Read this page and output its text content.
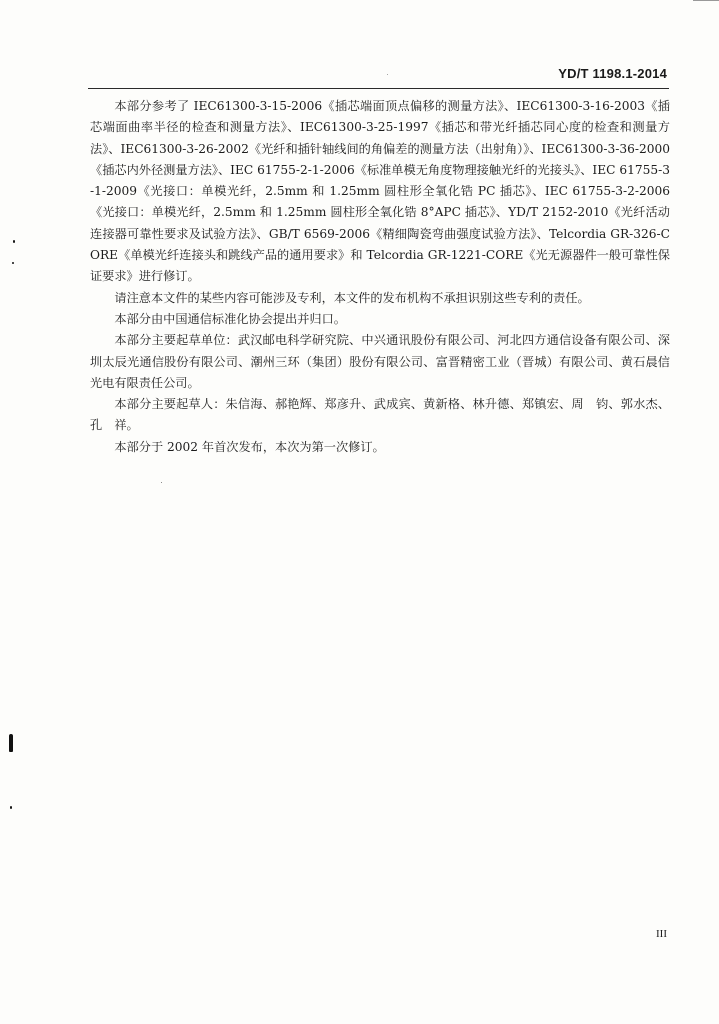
YD/T 1198.1-2014

本部分参考了 IEC61300-3-15-2006《插芯端面顶点偏移的测量方法》、IEC61300-3-16-2003《插芯端面曲率半径的检查和测量方法》、IEC61300-3-25-1997《插芯和带光纤插芯同心度的检查和测量方法》、IEC61300-3-26-2002《光纤和插针轴线间的角偏差的测量方法（出射角）》、IEC61300-3-36-2000《插芯内外径测量方法》、IEC 61755-2-1-2006《标准单模无角度物理接触光纤的光接头》、IEC 61755-3-1-2009《光接口：单模光纤，2.5mm 和 1.25mm 圆柱形全氧化锆 PC 插芯》、IEC 61755-3-2-2006《光接口：单模光纤，2.5mm 和 1.25mm 圆柱形全氧化锆 8°APC 插芯》、YD/T 2152-2010《光纤活动连接器可靠性要求及试验方法》、GB/T 6569-2006《精细陶瓷弯曲强度试验方法》、Telcordia GR-326-CORE《单模光纤连接头和跳线产品的通用要求》和 Telcordia GR-1221-CORE《光无源器件一般可靠性保证要求》进行修订。

请注意本文件的某些内容可能涉及专利，本文件的发布机构不承担识别这些专利的责任。

本部分由中国通信标准化协会提出并归口。

本部分主要起草单位：武汉邮电科学研究院、中兴通讯股份有限公司、河北四方通信设备有限公司、深圳太辰光通信股份有限公司、潮州三环（集团）股份有限公司、富晋精密工业（晋城）有限公司、黄石晨信光电有限责任公司。

本部分主要起草人：朱信海、郝艳辉、郑彦升、武成宾、黄新格、林升德、郑镇宏、周　钧、郭水杰、孔　祥。

本部分于 2002 年首次发布，本次为第一次修订。

III
